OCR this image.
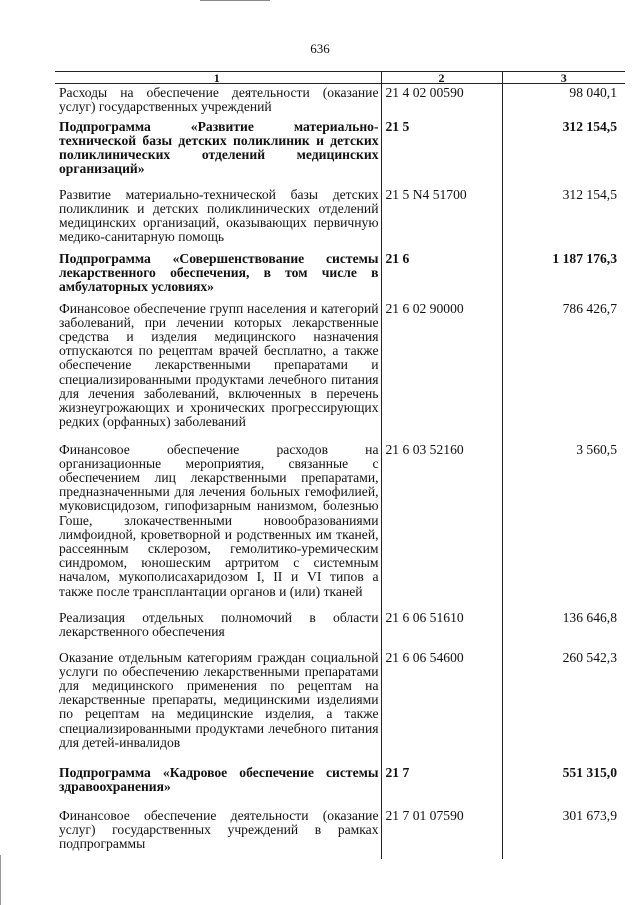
636
1	2	3
Расходы на обеспечение деятельности (оказание услуг) государственных учреждений	21 4 02 00590	98 040,1
Подпрограмма «Развитие материально-технической базы детских поликлиник и детских поликлинических отделений медицинских организаций»	21 5	312 154,5
Развитие материально-технической базы детских поликлиник и детских поликлинических отделений медицинских организаций, оказывающих первичную медико-санитарную помощь	21 5 N4 51700	312 154,5
Подпрограмма «Совершенствование системы лекарственного обеспечения, в том числе в амбулаторных условиях»	21 6	1 187 176,3
Финансовое обеспечение групп населения и категорий заболеваний, при лечении которых лекарственные средства и изделия медицинского назначения отпускаются по рецептам врачей бесплатно, а также обеспечение лекарственными препаратами и специализированными продуктами лечебного питания для лечения заболеваний, включенных в перечень жизнеугрожающих и хронических прогрессирующих редких (орфанных) заболеваний	21 6 02 90000	786 426,7
Финансовое обеспечение расходов на организационные мероприятия, связанные с обеспечением лиц лекарственными препаратами, предназначенными для лечения больных гемофилией, муковисцидозом, гипофизарным нанизмом, болезнью Гоше, злокачественными новообразованиями лимфоидной, кроветворной и родственных им тканей, рассеянным склерозом, гемолитико-уремическим синдромом, юношеским артритом с системным началом, мукополисахаридозом I, II и VI типов а также после трансплантации органов и (или) тканей	21 6 03 52160	3 560,5
Реализация отдельных полномочий в области лекарственного обеспечения	21 6 06 51610	136 646,8
Оказание отдельным категориям граждан социальной услуги по обеспечению лекарственными препаратами для медицинского применения по рецептам на лекарственные препараты, медицинскими изделиями по рецептам на медицинские изделия, а также специализированными продуктами лечебного питания для детей-инвалидов	21 6 06 54600	260 542,3
Подпрограмма «Кадровое обеспечение системы здравоохранения»	21 7	551 315,0
Финансовое обеспечение деятельности (оказание услуг) государственных учреждений в рамках подпрограммы	21 7 01 07590	301 673,9
